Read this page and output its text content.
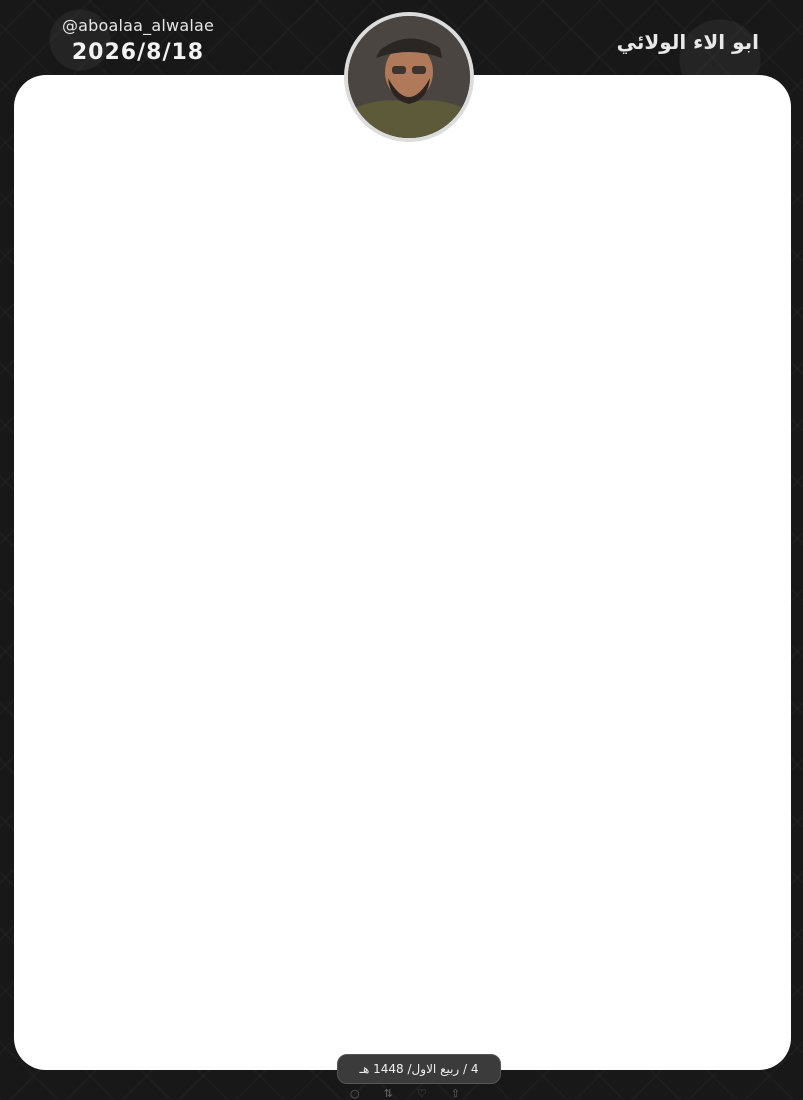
@aboalaa_alwalae
2026/8/18	ابو الاء الولائي

4 / ربيع الاول/ 1448 هـ
○ ⇅ ♡ ⇧
